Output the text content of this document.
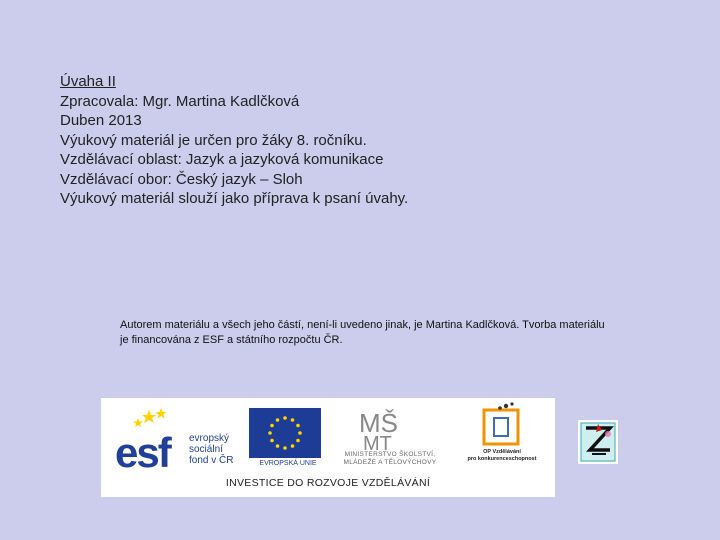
Úvaha II
Zpracovala: Mgr. Martina Kadlčková
Duben 2013
Výukový materiál je určen pro žáky 8. ročníku.
Vzdělávací oblast: Jazyk a jazyková komunikace
Vzdělávací obor: Český jazyk – Sloh
Výukový materiál slouží jako příprava k psaní úvahy.
Autorem materiálu a všech jeho částí, není-li uvedeno jinak, je Martina Kadlčková. Tvorba materiálu je financována z ESF a státního rozpočtu ČR.
esf
MŠ
MT
evropský
sociální
fond v ČR	EVROPSKÁ UNIE
MINISTERSTVO ŠKOLSTVÍ,
MLÁDEŽE A TĚLOVÝCHOVY
OP Vzdělávání
pro konkurenceschopnost
INVESTICE DO ROZVOJE VZDĚLÁVÁNÍ
